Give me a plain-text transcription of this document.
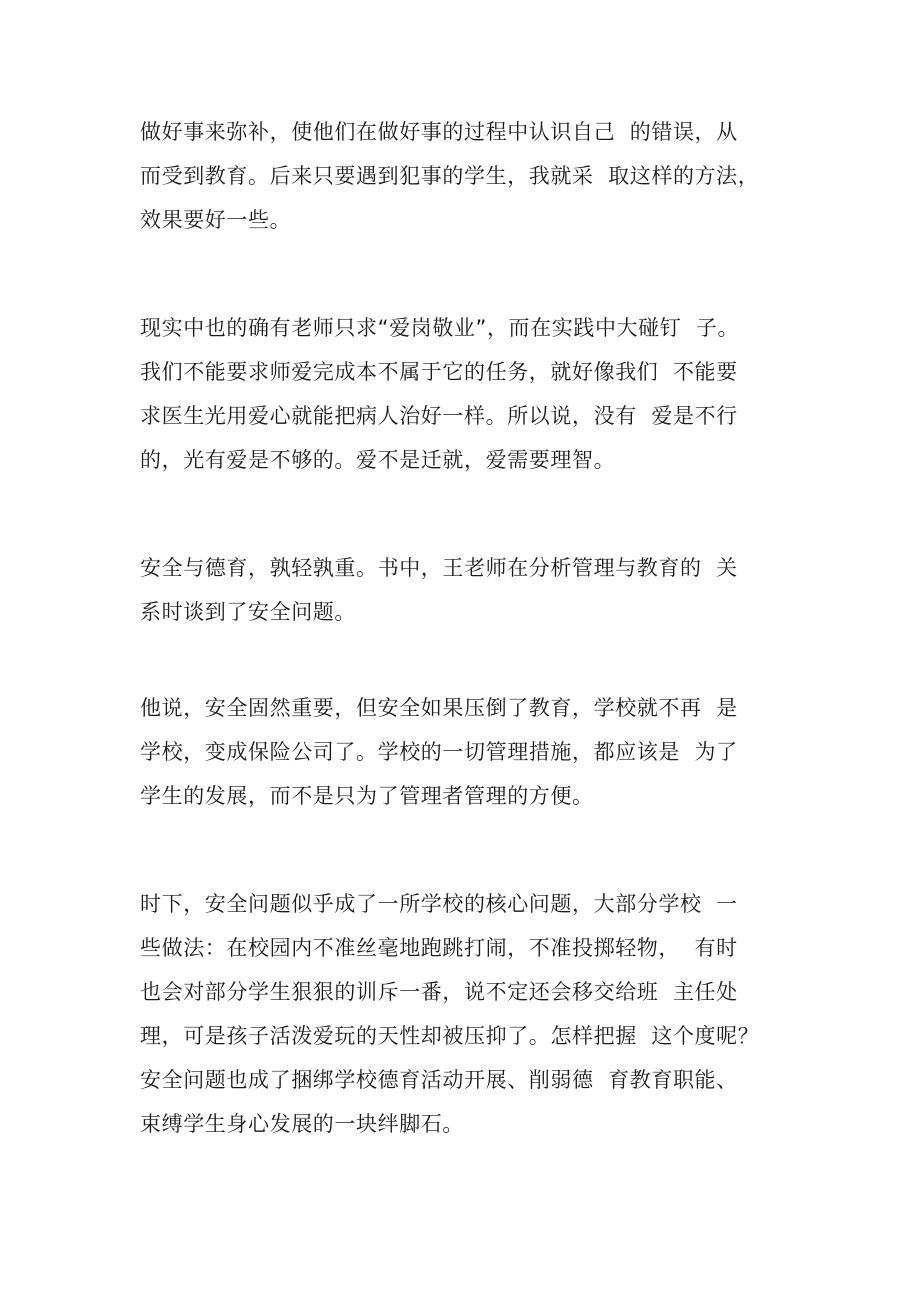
做好事来弥补，使他们在做好事的过程中认识自己  的错误，从
而受到教育。后来只要遇到犯事的学生，我就采  取这样的方法，
效果要好一些。

现实中也的确有老师只求“爱岗敬业”，而在实践中大碰钉  子。
我们不能要求师爱完成本不属于它的任务，就好像我们  不能要
求医生光用爱心就能把病人治好一样。所以说，没有  爱是不行
的，光有爱是不够的。爱不是迁就，爱需要理智。

安全与德育，孰轻孰重。书中，王老师在分析管理与教育的  关
系时谈到了安全问题。

他说，安全固然重要，但安全如果压倒了教育，学校就不再  是
学校，变成保险公司了。学校的一切管理措施，都应该是  为了
学生的发展，而不是只为了管理者管理的方便。

时下，安全问题似乎成了一所学校的核心问题，大部分学校  一
些做法：在校园内不准丝毫地跑跳打闹，不准投掷轻物，  有时
也会对部分学生狠狠的训斥一番，说不定还会移交给班  主任处
理，可是孩子活泼爱玩的天性却被压抑了。怎样把握  这个度呢？
安全问题也成了捆绑学校德育活动开展、削弱德  育教育职能、
束缚学生身心发展的一块绊脚石。
